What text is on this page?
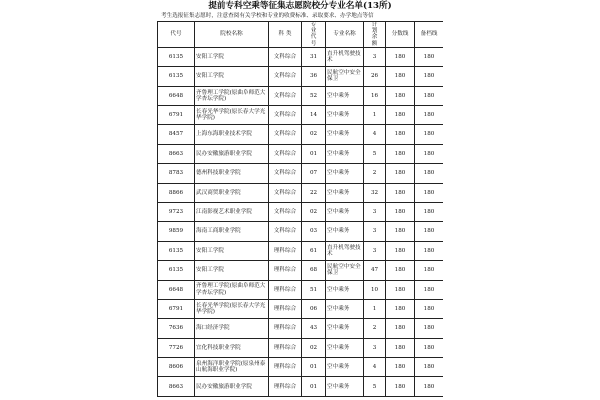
提前专科空乘等征集志愿院校分专业名单(13所)
考生选报征集志愿时，注意查阅有关学校和专业的收费标准、录取要求、办学地点等信
代号	院校名称	科 类	专业代号	专业名称	计划余额	分数线	备档线
6135	安阳工学院	文科综合	31	直升机驾驶技术	3	180	180
6135	安阳工学院	文科综合	36	民航空中安全保卫	26	180	180
6648	齐鲁理工学院(原曲阜师范大学杏坛学院)	文科综合	52	空中乘务	16	180	180
6791	长春光华学院(原长春大学光华学院)	文科综合	14	空中乘务	1	180	180
8457	上海东海职业技术学院	文科综合	02	空中乘务	4	180	180
8663	民办安徽旅游职业学院	文科综合	01	空中乘务	5	180	180
8783	德州科技职业学院	文科综合	07	空中乘务	2	180	180
8866	武汉商贸职业学院	文科综合	22	空中乘务	32	180	180
9723	江南影视艺术职业学院	文科综合	02	空中乘务	3	180	180
9859	海南工商职业学院	文科综合	03	空中乘务	3	180	180
6135	安阳工学院	理科综合	61	直升机驾驶技术	3	180	180
6135	安阳工学院	理科综合	68	民航空中安全保卫	47	180	180
6648	齐鲁理工学院(原曲阜师范大学杏坛学院)	理科综合	51	空中乘务	10	180	180
6791	长春光华学院(原长春大学光华学院)	理科综合	06	空中乘务	1	180	180
7636	海口经济学院	理科综合	43	空中乘务	2	180	180
7726	宜化科技职业学院	理科综合	02	空中乘务	3	180	180
8606	泉州海洋职业学院(原泉州泰山航海职业学院)	理科综合	01	空中乘务	4	180	180
8663	民办安徽旅游职业学院	理科综合	01	空中乘务	5	180	180
